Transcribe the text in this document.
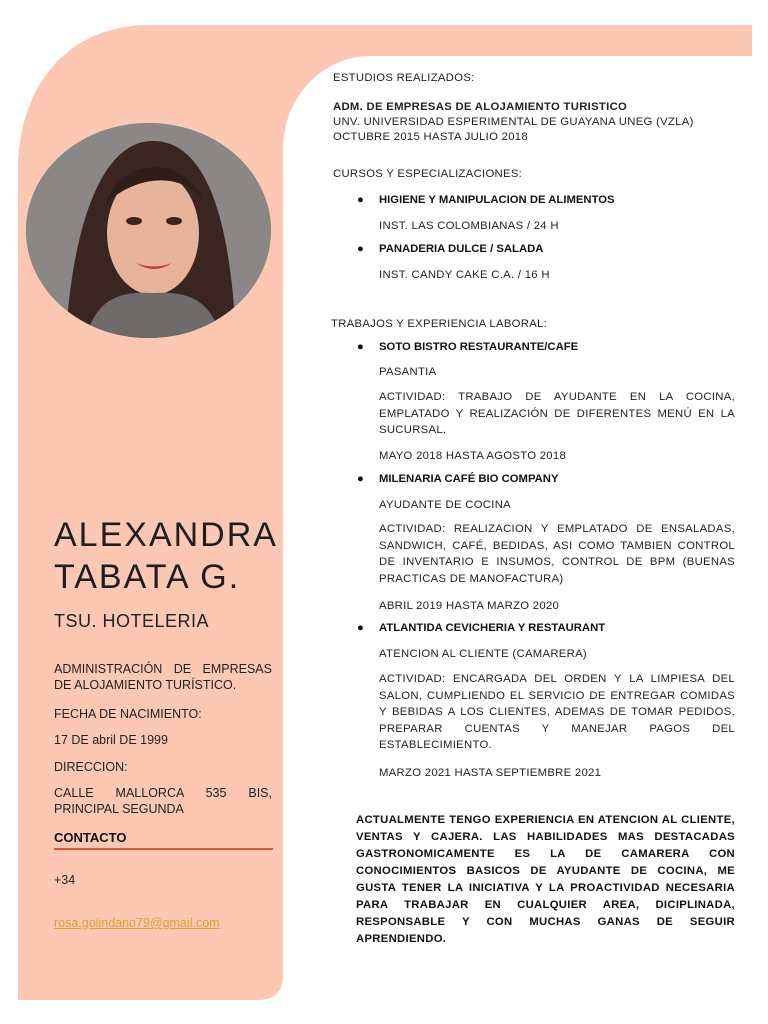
ALEXANDRA
TABATA G.
TSU. HOTELERIA
ADMINISTRACIÓN DE EMPRESAS DE ALOJAMIENTO TURÍSTICO.
FECHA DE NACIMIENTO:
17 DE abril DE 1999
DIRECCION:
CALLE MALLORCA 535 BIS, PRINCIPAL SEGUNDA
CONTACTO
+34
rosa.golindano79@gmail.com
ESTUDIOS REALIZADOS:
ADM. DE EMPRESAS DE ALOJAMIENTO TURISTICO
UNV. UNIVERSIDAD ESPERIMENTAL DE GUAYANA UNEG (VZLA)
OCTUBRE 2015 HASTA JULIO 2018
CURSOS Y ESPECIALIZACIONES:
● HIGIENE Y MANIPULACION DE ALIMENTOS
INST. LAS COLOMBIANAS / 24 H
● PANADERIA DULCE / SALADA
INST. CANDY CAKE C.A. / 16 H
TRABAJOS Y EXPERIENCIA LABORAL:
● SOTO BISTRO RESTAURANTE/CAFE
PASANTIA
ACTIVIDAD: TRABAJO DE AYUDANTE EN LA COCINA, EMPLATADO Y REALIZACIÓN DE DIFERENTES MENÚ EN LA SUCURSAL.
MAYO 2018 HASTA AGOSTO 2018
● MILENARIA CAFÉ BIO COMPANY
AYUDANTE DE COCINA
ACTIVIDAD: REALIZACION Y EMPLATADO DE ENSALADAS, SANDWICH, CAFÉ, BEDIDAS, ASI COMO TAMBIEN CONTROL DE INVENTARIO E INSUMOS, CONTROL DE BPM (BUENAS PRACTICAS DE MANOFACTURA)
ABRIL 2019 HASTA MARZO 2020
● ATLANTIDA CEVICHERIA Y RESTAURANT
ATENCION AL CLIENTE (CAMARERA)
ACTIVIDAD: ENCARGADA DEL ORDEN Y LA LIMPIESA DEL SALON, CUMPLIENDO EL SERVICIO DE ENTREGAR COMIDAS Y BEBIDAS A LOS CLIENTES, ADEMAS DE TOMAR PEDIDOS, PREPARAR CUENTAS Y MANEJAR PAGOS DEL ESTABLECIMIENTO.
MARZO 2021 HASTA SEPTIEMBRE 2021
ACTUALMENTE TENGO EXPERIENCIA EN ATENCION AL CLIENTE, VENTAS Y CAJERA. LAS HABILIDADES MAS DESTACADAS GASTRONOMICAMENTE ES LA DE CAMARERA CON CONOCIMIENTOS BASICOS DE AYUDANTE DE COCINA, ME GUSTA TENER LA INICIATIVA Y LA PROACTIVIDAD NECESARIA PARA TRABAJAR EN CUALQUIER AREA, DICIPLINADA, RESPONSABLE Y CON MUCHAS GANAS DE SEGUIR APRENDIENDO.
